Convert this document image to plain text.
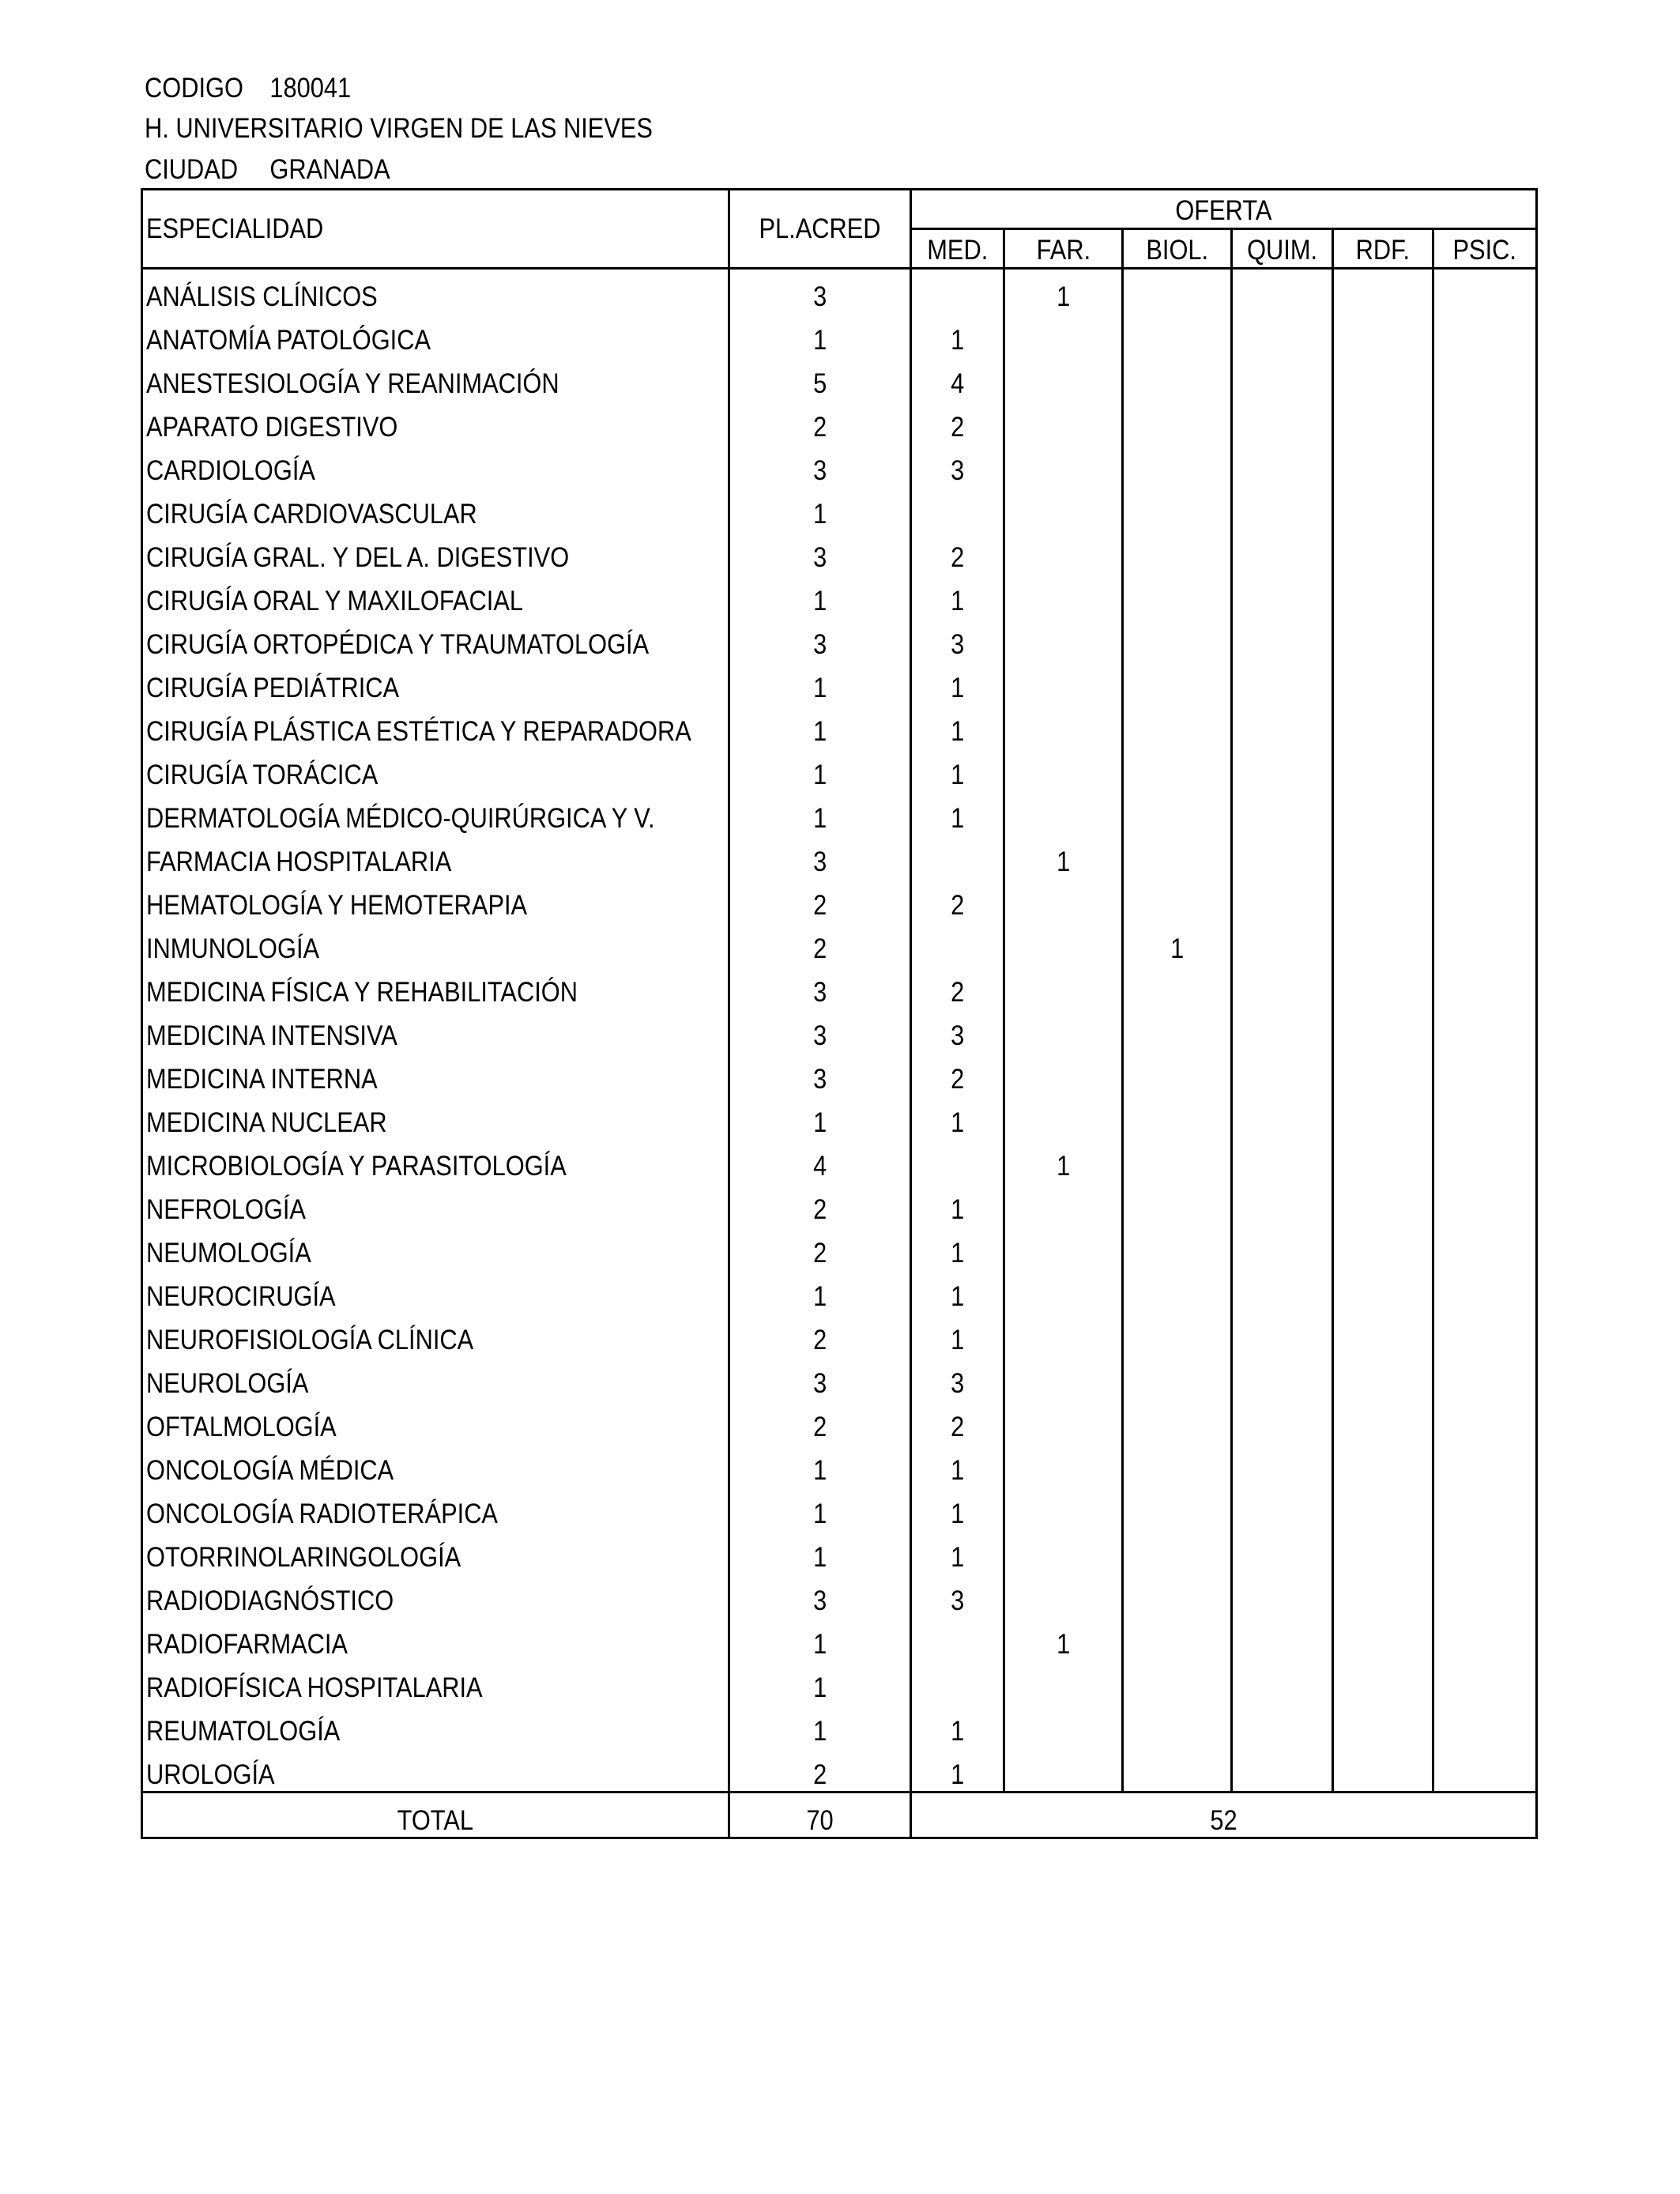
CODIGO 180041
H. UNIVERSITARIO VIRGEN DE LAS NIEVES
CIUDAD GRANADA
ESPECIALIDAD	PL.ACRED	OFERTA					
		MED.	FAR.	BIOL.	QUIM.	RDF.	PSIC.
ANÁLISIS CLÍNICOS	3		1				
ANATOMÍA PATOLÓGICA	1	1					
ANESTESIOLOGÍA Y REANIMACIÓN	5	4					
APARATO DIGESTIVO	2	2					
CARDIOLOGÍA	3	3					
CIRUGÍA CARDIOVASCULAR	1						
CIRUGÍA GRAL. Y DEL A. DIGESTIVO	3	2					
CIRUGÍA ORAL Y MAXILOFACIAL	1	1					
CIRUGÍA ORTOPÉDICA Y TRAUMATOLOGÍA	3	3					
CIRUGÍA PEDIÁTRICA	1	1					
CIRUGÍA PLÁSTICA ESTÉTICA Y REPARADORA	1	1					
CIRUGÍA TORÁCICA	1	1					
DERMATOLOGÍA MÉDICO-QUIRÚRGICA Y V.	1	1					
FARMACIA HOSPITALARIA	3		1				
HEMATOLOGÍA Y HEMOTERAPIA	2	2					
INMUNOLOGÍA	2			1			
MEDICINA FÍSICA Y REHABILITACIÓN	3	2					
MEDICINA INTENSIVA	3	3					
MEDICINA INTERNA	3	2					
MEDICINA NUCLEAR	1	1					
MICROBIOLOGÍA Y PARASITOLOGÍA	4		1				
NEFROLOGÍA	2	1					
NEUMOLOGÍA	2	1					
NEUROCIRUGÍA	1	1					
NEUROFISIOLOGÍA CLÍNICA	2	1					
NEUROLOGÍA	3	3					
OFTALMOLOGÍA	2	2					
ONCOLOGÍA MÉDICA	1	1					
ONCOLOGÍA RADIOTERÁPICA	1	1					
OTORRINOLARINGOLOGÍA	1	1					
RADIODIAGNÓSTICO	3	3					
RADIOFARMACIA	1		1				
RADIOFÍSICA HOSPITALARIA	1						
REUMATOLOGÍA	1	1					
UROLOGÍA	2	1					
TOTAL	70	52					
